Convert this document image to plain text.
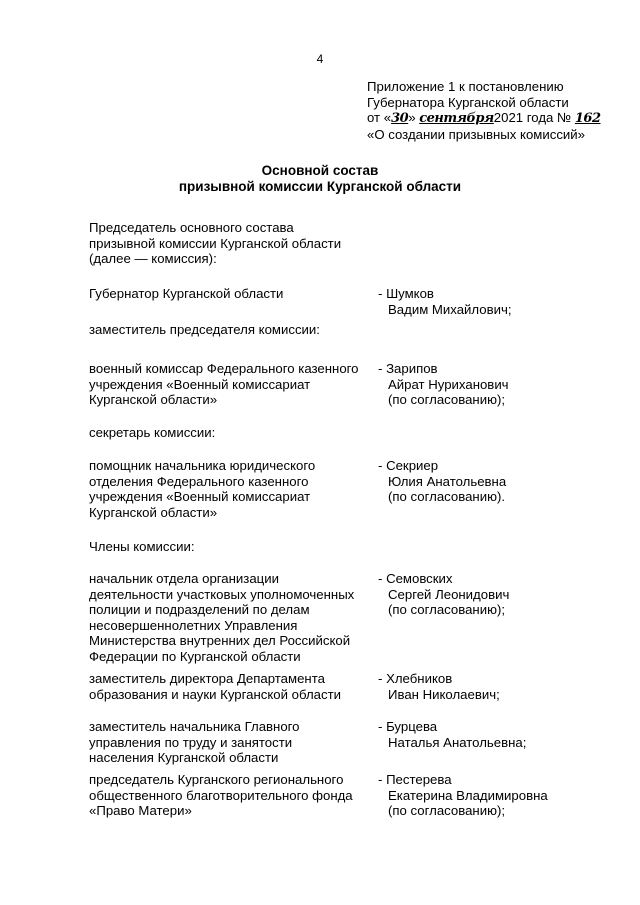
4
Приложение 1 к постановлению
Губернатора Курганской области
от «30» сентября2021 года № 162
«О создании призывных комиссий»
Основной состав
призывной комиссии Курганской области
Председатель основного состава
призывной комиссии Курганской области
(далее — комиссия):
Губернатор Курганской области	- Шумков
Вадим Михайлович;
заместитель председателя комиссии:
военный комиссар Федерального казенного
учреждения «Военный комиссариат
Курганской области»
- Зарипов
Айрат Нуриханович
(по согласованию);
секретарь комиссии:
помощник начальника юридического
отделения Федерального казенного
учреждения «Военный комиссариат
Курганской области»
- Секриер
Юлия Анатольевна
(по согласованию).
Члены комиссии:
начальник отдела организации
деятельности участковых уполномоченных
полиции и подразделений по делам
несовершеннолетних Управления
Министерства внутренних дел Российской
Федерации по Курганской области
- Семовских
Сергей Леонидович
(по согласованию);
заместитель директора Департамента
образования и науки Курганской области
- Хлебников
Иван Николаевич;
заместитель начальника Главного
управления по труду и занятости
населения Курганской области
- Бурцева
Наталья Анатольевна;
председатель Курганского регионального
общественного благотворительного фонда
«Право Матери»
- Пестерева
Екатерина Владимировна
(по согласованию);
